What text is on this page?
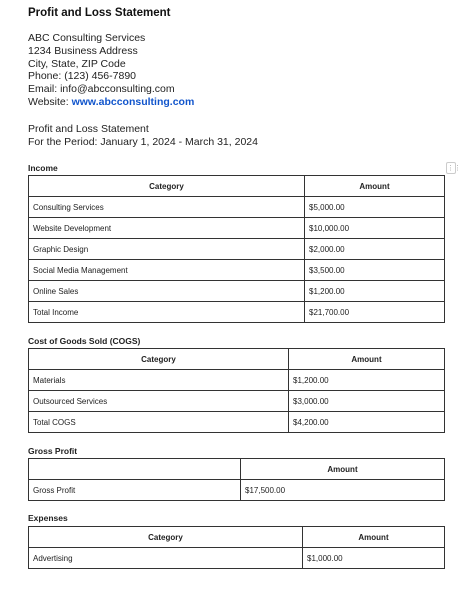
Profit and Loss Statement
ABC Consulting Services
1234 Business Address
City, State, ZIP Code
Phone: (123) 456-7890
Email: info@abcconsulting.com
Website: www.abcconsulting.com
Profit and Loss Statement
For the Period: January 1, 2024 - March 31, 2024
⋮⋮
Income
Category	Amount
Consulting Services	$5,000.00
Website Development	$10,000.00
Graphic Design	$2,000.00
Social Media Management	$3,500.00
Online Sales	$1,200.00
Total Income	$21,700.00
Cost of Goods Sold (COGS)
Category	Amount
Materials	$1,200.00
Outsourced Services	$3,000.00
Total COGS	$4,200.00
Gross Profit
	Amount
Gross Profit	$17,500.00
Expenses
Category	Amount
Advertising	$1,000.00
